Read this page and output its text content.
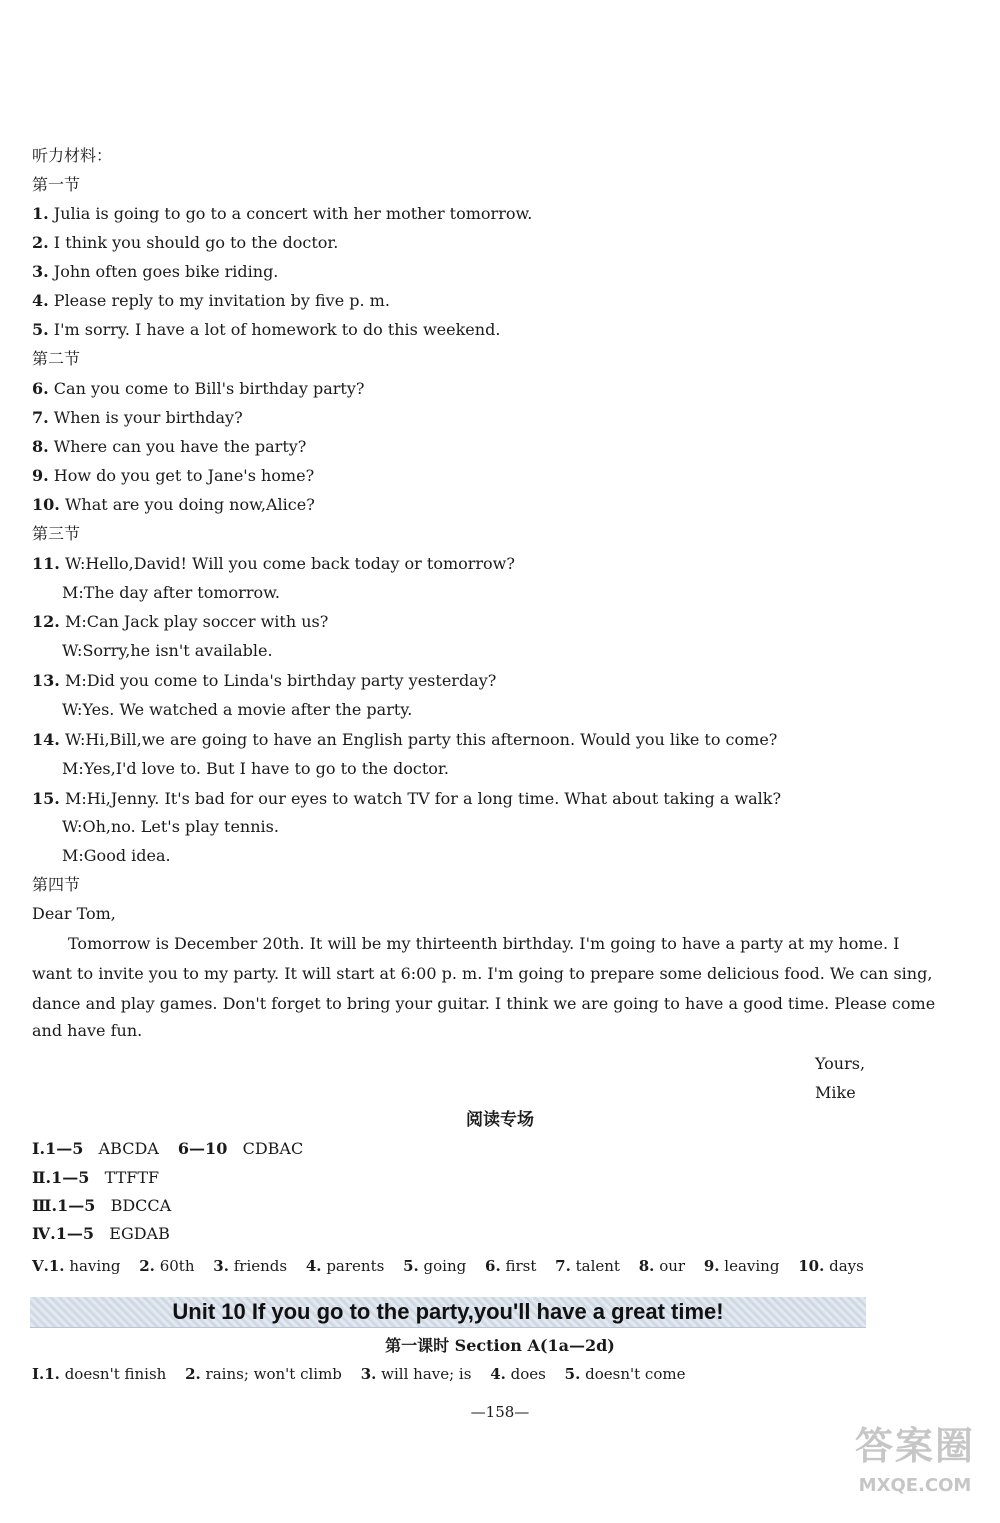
听力材料：
第一节
1. Julia is going to go to a concert with her mother tomorrow.
2. I think you should go to the doctor.
3. John often goes bike riding.
4. Please reply to my invitation by five p. m.
5. I'm sorry. I have a lot of homework to do this weekend.
第二节
6. Can you come to Bill's birthday party?
7. When is your birthday?
8. Where can you have the party?
9. How do you get to Jane's home?
10. What are you doing now,Alice?
第三节
11. W:Hello,David! Will you come back today or tomorrow?
M:The day after tomorrow.
12. M:Can Jack play soccer with us?
W:Sorry,he isn't available.
13. M:Did you come to Linda's birthday party yesterday?
W:Yes. We watched a movie after the party.
14. W:Hi,Bill,we are going to have an English party this afternoon. Would you like to come?
M:Yes,I'd love to. But I have to go to the doctor.
15. M:Hi,Jenny. It's bad for our eyes to watch TV for a long time. What about taking a walk?
W:Oh,no. Let's play tennis.
M:Good idea.
第四节
Dear Tom,
Tomorrow is December 20th. It will be my thirteenth birthday. I'm going to have a party at my home. I
want to invite you to my party. It will start at 6:00 p. m. I'm going to prepare some delicious food. We can sing,
dance and play games. Don't forget to bring your guitar. I think we are going to have a good time. Please come
and have fun.
Yours,
Mike
阅读专场
Ⅰ.1—5 ABCDA 6—10 CDBAC
Ⅱ.1—5 TTFTF
Ⅲ.1—5 BDCCA
Ⅳ.1—5 EGDAB
Ⅴ.1. having 2. 60th 3. friends 4. parents 5. going 6. first 7. talent 8. our 9. leaving 10. days
Unit 10 If you go to the party,you'll have a great time!
第一课时 Section A(1a—2d)
Ⅰ.1. doesn't finish 2. rains; won't climb 3. will have; is 4. does 5. doesn't come
—158—
答案圈
MXQE.COM
